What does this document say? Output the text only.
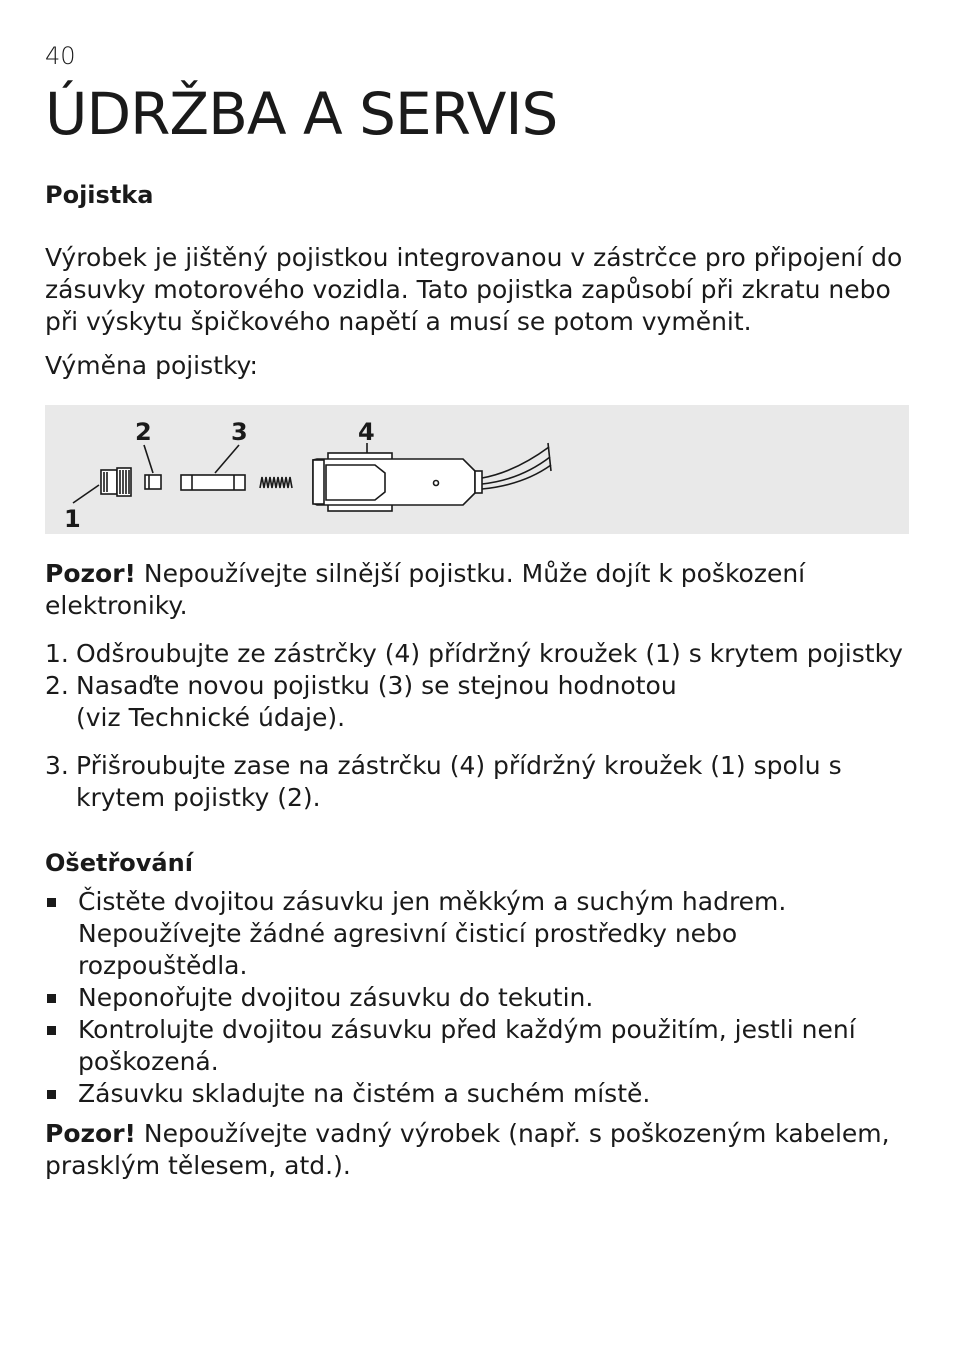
40
ÚDRŽBA A SERVIS
Pojistka
Výrobek je jištěný pojistkou integrovanou v zástrčce pro připojení do zásuvky motorového vozidla. Tato pojistka zapůsobí při zkratu nebo při výskytu špičkového napětí a musí se potom vyměnit.
Výměna pojistky:
1
2	3	4
Pozor! Nepoužívejte silnější pojistku. Může dojít k poškození elektroniky.
1. Odšroubujte ze zástrčky (4) přídržný kroužek (1) s krytem pojistky
2. Nasaďte novou pojistku (3) se stejnou hodnotou (viz Technické údaje).
3. Přišroubujte zase na zástrčku (4) přídržný kroužek (1) spolu s krytem pojistky (2).
Ošetřování
Čistěte dvojitou zásuvku jen měkkým a suchým hadrem. Nepoužívejte žádné agresivní čisticí prostředky nebo rozpouštědla.
Neponořujte dvojitou zásuvku do tekutin.
Kontrolujte dvojitou zásuvku před každým použitím, jestli není poškozená.
Zásuvku skladujte na čistém a suchém místě.
Pozor! Nepoužívejte vadný výrobek (např. s poškozeným kabelem, prasklým tělesem, atd.).
